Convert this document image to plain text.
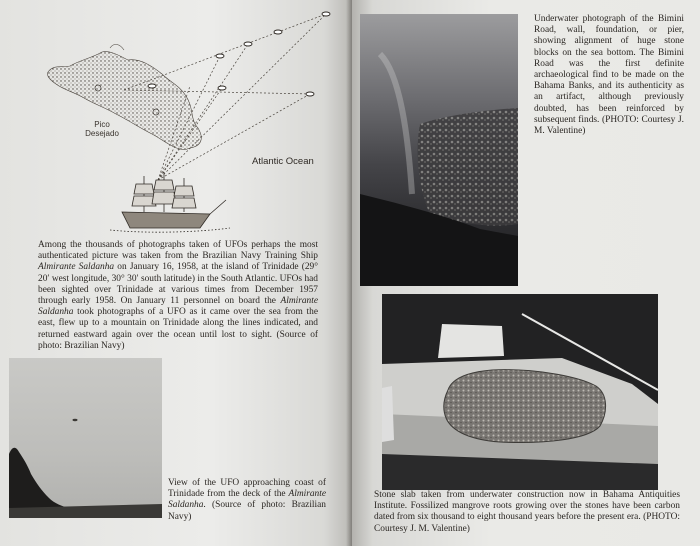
Pico
Desejado
Atlantic Ocean
Among the thousands of photographs taken of UFOs perhaps the most authenticated picture was taken from the Brazilian Navy Training Ship Almirante Saldanha on January 16, 1958, at the island of Trinidade (29° 20′ west longitude, 30° 30′ south latitude) in the South Atlantic. UFOs had been sighted over Trinidade at various times from December 1957 through early 1958. On January 11 personnel on board the Almirante Saldanha took photographs of a UFO as it came over the sea from the east, flew up to a mountain on Trinidade along the lines indicated, and returned eastward again over the ocean until lost to sight. (Source of photo: Brazilian Navy)
View of the UFO approaching coast of Trinidade from the deck of the Almirante Saldanha. (Source of photo: Brazilian Navy)
Underwater photograph of the Bimini Road, wall, foundation, or pier, showing alignment of huge stone blocks on the sea bottom. The Bimini Road was the first definite archaeological find to be made on the Bahama Banks, and its authenticity as an artifact, although previously doubted, has been reinforced by subsequent finds. (PHOTO: Courtesy J. M. Valentine)
Stone slab taken from underwater construction now in Bahama Antiquities Institute. Fossilized mangrove roots growing over the stones have been carbon dated from six thousand to eight thousand years before the present era. (PHOTO: Courtesy J. M. Valentine)
